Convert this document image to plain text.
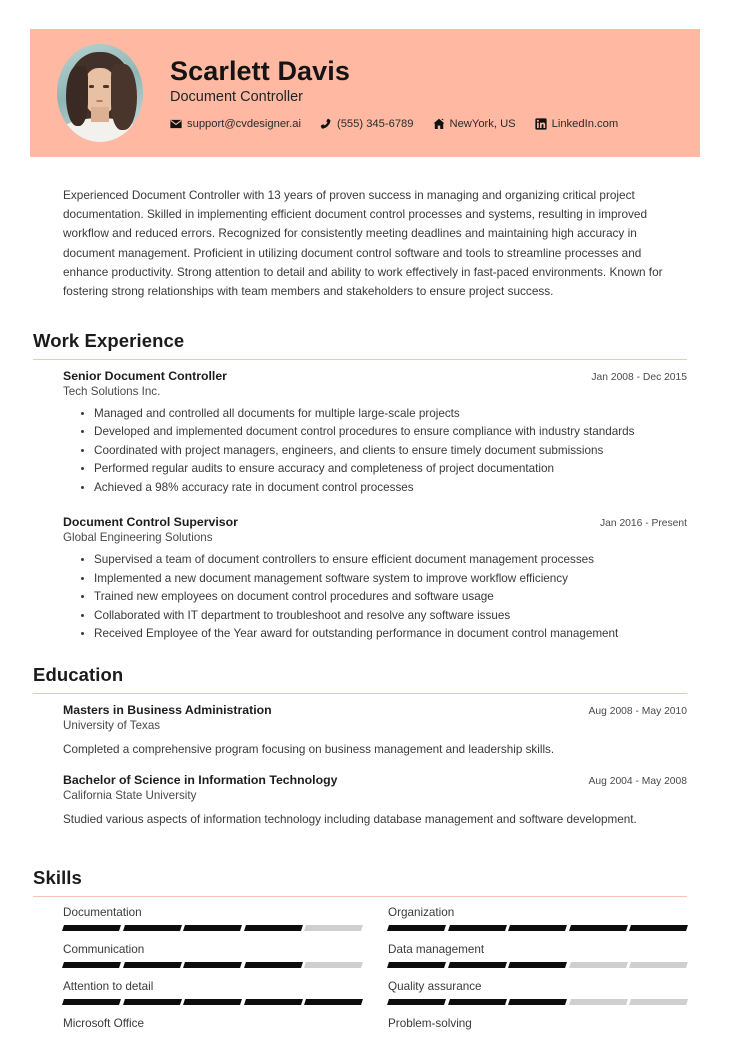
Scarlett Davis
Document Controller
support@cvdesigner.ai	(555) 345-6789	NewYork, US	LinkedIn.com
Experienced Document Controller with 13 years of proven success in managing and organizing critical project documentation. Skilled in implementing efficient document control processes and systems, resulting in improved workflow and reduced errors. Recognized for consistently meeting deadlines and maintaining high accuracy in document management. Proficient in utilizing document control software and tools to streamline processes and enhance productivity. Strong attention to detail and ability to work effectively in fast-paced environments. Known for fostering strong relationships with team members and stakeholders to ensure project success.
Work Experience
Senior Document Controller	Jan 2008 - Dec 2015
Tech Solutions Inc.
Managed and controlled all documents for multiple large-scale projects
Developed and implemented document control procedures to ensure compliance with industry standards
Coordinated with project managers, engineers, and clients to ensure timely document submissions
Performed regular audits to ensure accuracy and completeness of project documentation
Achieved a 98% accuracy rate in document control processes
Document Control Supervisor	Jan 2016 - Present
Global Engineering Solutions
Supervised a team of document controllers to ensure efficient document management processes
Implemented a new document management software system to improve workflow efficiency
Trained new employees on document control procedures and software usage
Collaborated with IT department to troubleshoot and resolve any software issues
Received Employee of the Year award for outstanding performance in document control management
Education
Masters in Business Administration	Aug 2008 - May 2010
University of Texas
Completed a comprehensive program focusing on business management and leadership skills.
Bachelor of Science in Information Technology	Aug 2004 - May 2008
California State University
Studied various aspects of information technology including database management and software development.
Skills
Documentation	Organization
Communication	Data management
Attention to detail	Quality assurance
Microsoft Office	Problem-solving
